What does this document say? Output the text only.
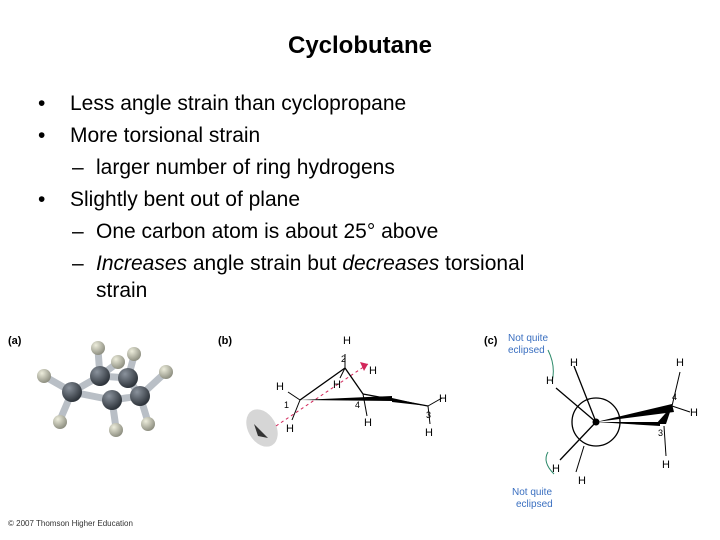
Cyclobutane
• Less angle strain than cyclopropane
• More torsional strain
– larger number of ring hydrogens
• Slightly bent out of plane
– One carbon atom is about 25° above
– Increases angle strain but decreases torsional
strain
(a)	(b)	H
2
H
H
H
1
H
4
H
3
H
H
(c) Not quite
eclipsed
Not quite
eclipsed
H
H
H
H
H
H
H
4
3
© 2007 Thomson Higher Education
